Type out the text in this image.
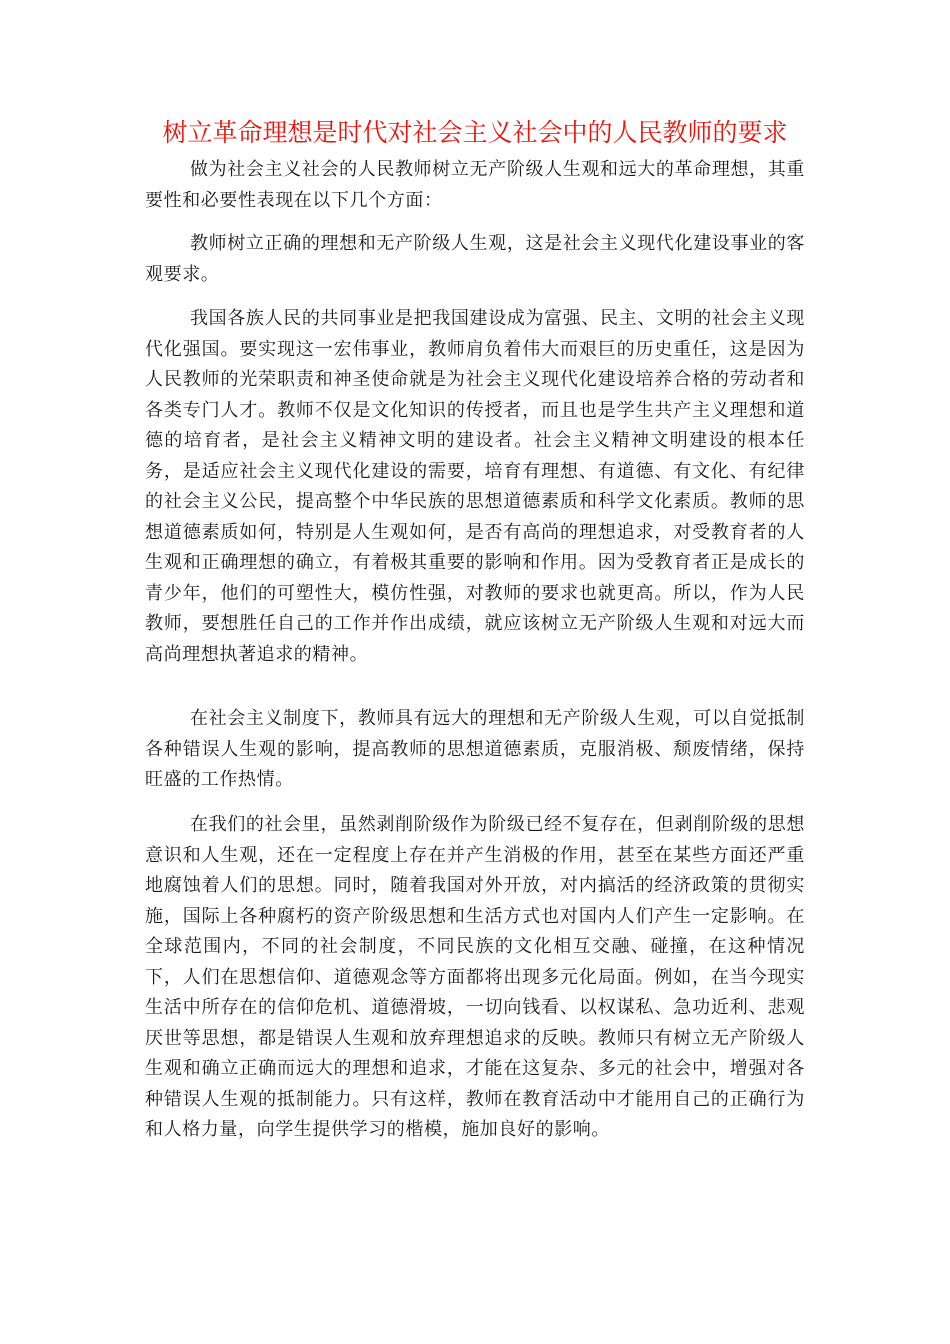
树立革命理想是时代对社会主义社会中的人民教师的要求

做为社会主义社会的人民教师树立无产阶级人生观和远大的革命理想，其重要性和必要性表现在以下几个方面：

教师树立正确的理想和无产阶级人生观，这是社会主义现代化建设事业的客观要求。

我国各族人民的共同事业是把我国建设成为富强、民主、文明的社会主义现代化强国。要实现这一宏伟事业，教师肩负着伟大而艰巨的历史重任，这是因为人民教师的光荣职责和神圣使命就是为社会主义现代化建设培养合格的劳动者和各类专门人才。教师不仅是文化知识的传授者，而且也是学生共产主义理想和道德的培育者，是社会主义精神文明的建设者。社会主义精神文明建设的根本任务，是适应社会主义现代化建设的需要，培育有理想、有道德、有文化、有纪律的社会主义公民，提高整个中华民族的思想道德素质和科学文化素质。教师的思想道德素质如何，特别是人生观如何，是否有高尚的理想追求，对受教育者的人生观和正确理想的确立，有着极其重要的影响和作用。因为受教育者正是成长的青少年，他们的可塑性大，模仿性强，对教师的要求也就更高。所以，作为人民教师，要想胜任自己的工作并作出成绩，就应该树立无产阶级人生观和对远大而高尚理想执著追求的精神。

在社会主义制度下，教师具有远大的理想和无产阶级人生观，可以自觉抵制各种错误人生观的影响，提高教师的思想道德素质，克服消极、颓废情绪，保持旺盛的工作热情。

在我们的社会里，虽然剥削阶级作为阶级已经不复存在，但剥削阶级的思想意识和人生观，还在一定程度上存在并产生消极的作用，甚至在某些方面还严重地腐蚀着人们的思想。同时，随着我国对外开放，对内搞活的经济政策的贯彻实施，国际上各种腐朽的资产阶级思想和生活方式也对国内人们产生一定影响。在全球范围内，不同的社会制度，不同民族的文化相互交融、碰撞，在这种情况下，人们在思想信仰、道德观念等方面都将出现多元化局面。例如，在当今现实生活中所存在的信仰危机、道德滑坡，一切向钱看、以权谋私、急功近利、悲观厌世等思想，都是错误人生观和放弃理想追求的反映。教师只有树立无产阶级人生观和确立正确而远大的理想和追求，才能在这复杂、多元的社会中，增强对各种错误人生观的抵制能力。只有这样，教师在教育活动中才能用自己的正确行为和人格力量，向学生提供学习的楷模，施加良好的影响。
